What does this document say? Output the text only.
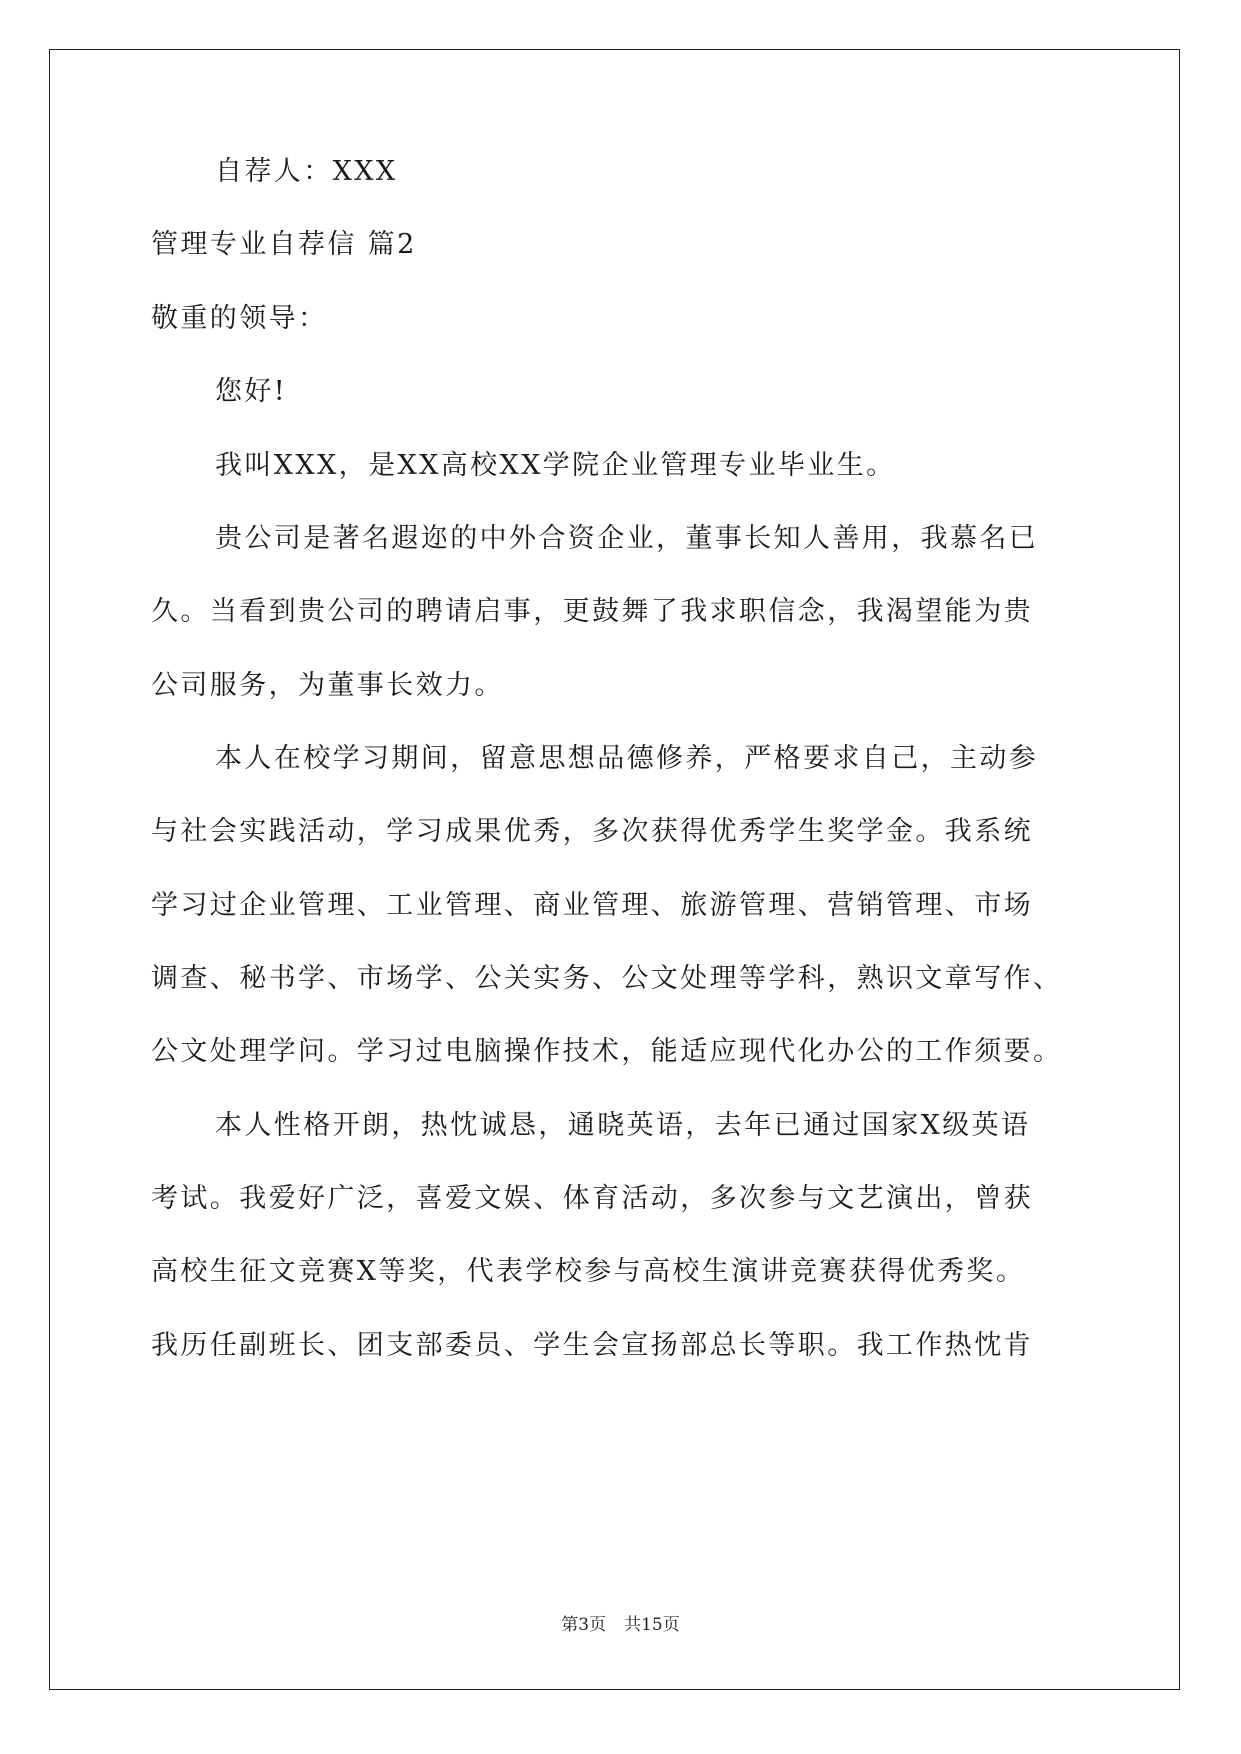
自荐人：XXX
管理专业自荐信 篇2
敬重的领导：
您好!
我叫XXX，是XX高校XX学院企业管理专业毕业生。
贵公司是著名遐迩的中外合资企业，董事长知人善用，我慕名已
久。当看到贵公司的聘请启事，更鼓舞了我求职信念，我渴望能为贵
公司服务，为董事长效力。
本人在校学习期间，留意思想品德修养，严格要求自己，主动参
与社会实践活动，学习成果优秀，多次获得优秀学生奖学金。我系统
学习过企业管理、工业管理、商业管理、旅游管理、营销管理、市场
调查、秘书学、市场学、公关实务、公文处理等学科，熟识文章写作、
公文处理学问。学习过电脑操作技术，能适应现代化办公的工作须要。
本人性格开朗，热忱诚恳，通晓英语，去年已通过国家X级英语
考试。我爱好广泛，喜爱文娱、体育活动，多次参与文艺演出，曾获
高校生征文竞赛X等奖，代表学校参与高校生演讲竞赛获得优秀奖。
我历任副班长、团支部委员、学生会宣扬部总长等职。我工作热忱肯
第3页 共15页
